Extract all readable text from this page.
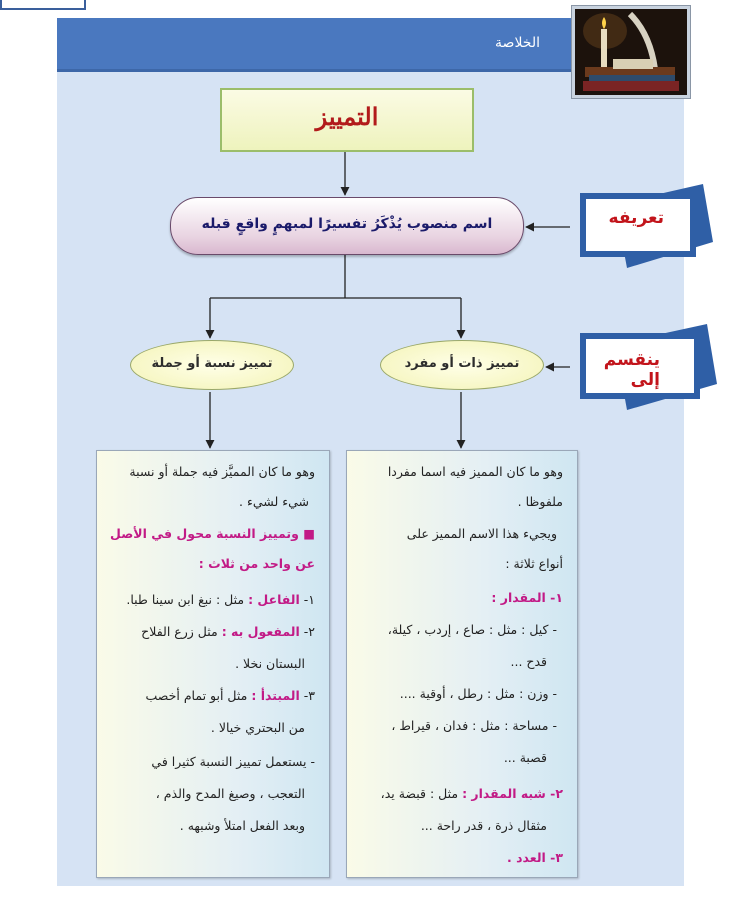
الخلاصة
التمييز
اسم منصوب يُذْكَرُ تفسيرًا لمبهمٍ واقعٍ قبله	تعريفه
ينقسم إلى
تمييز ذات أو مفرد
تمييز نسبة أو جملة
وهو ما كان المميز فيه اسما مفردا
ملفوظا .
ويجيء هذا الاسم المميز على
أنواع ثلاثة :
١- المقدار :
- كيل : مثل : صاع ، إردب ، كيلة،
قدح ...
- وزن : مثل : رطل ، أوقية ....
- مساحة : مثل : فدان ، قيراط ،
قصبة ...
٢- شبه المقدار : مثل : قبضة يد،
مثقال ذرة ، قدر راحة ...
٣- العدد .
وهو ما كان المميَّز فيه جملة أو نسبة
شيء لشيء .
■ وتمييز النسبة محول في الأصل
عن واحد من ثلاث :
١- الفاعل : مثل : نبغ ابن سينا طبا.
٢- المفعول به : مثل زرع الفلاح
البستان نخلا .
٣- المبتدأ : مثل أبو تمام أخصب
من البحتري خيالا .
- يستعمل تمييز النسبة كثيرا في
التعجب ، وصيغ المدح والذم ،
وبعد الفعل امتلأ وشبهه .
